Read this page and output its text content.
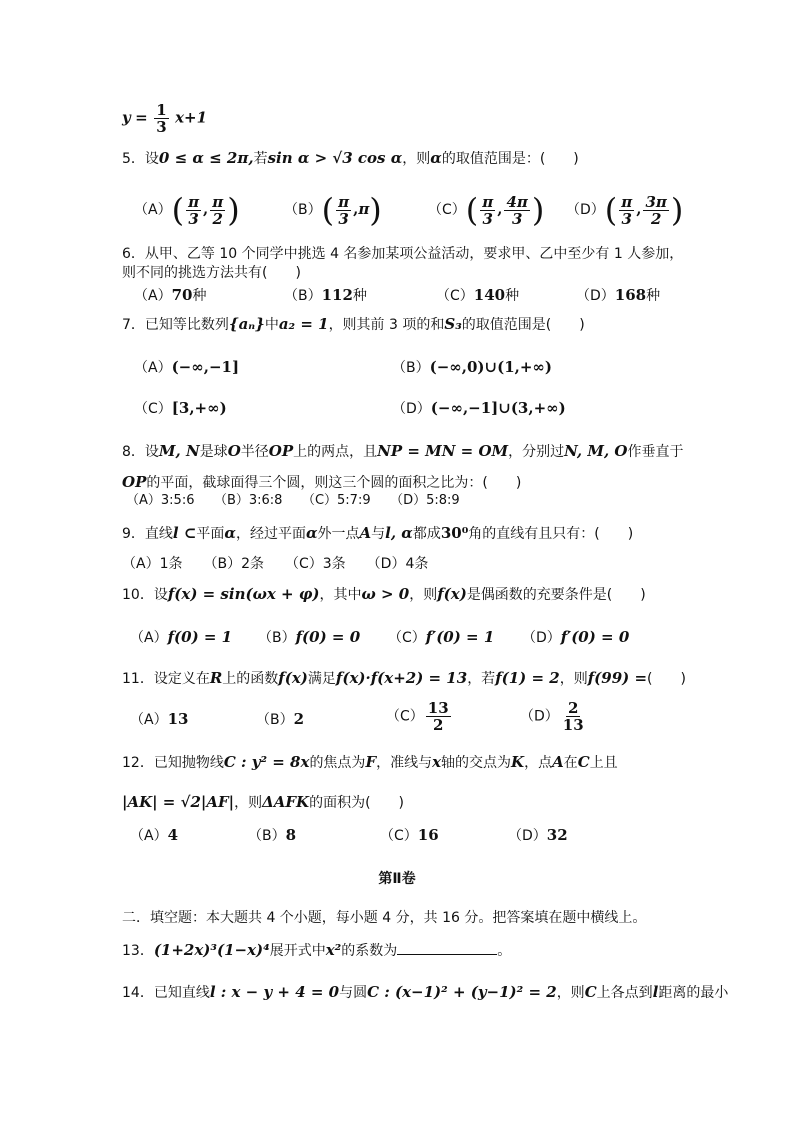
$y = \frac{1}{3} x+1$
5．设0 ≤ α ≤ 2π,若sin α > √3 cos α，则α的取值范围是：(　　)
$(A)( \frac{\pi}{3}$ , $\frac{\pi}{2}$ )	$(B)( \frac{\pi}{3} ,\pi)$	$(C)( \frac{\pi}{3}$ , $\frac{4\pi}{3}$ ) $(D)( \frac{\pi}{3}$ , $\frac{3\pi}{2}$ )
6．从甲、乙等 10 个同学中挑选 4 名参加某项公益活动，要求甲、乙中至少有 1 人参加，
则不同的挑选方法共有(　　)
（A）70种	（B）112种	（C）140种	（D）168种
7．已知等比数列{aₙ}中a₂ = 1，则其前 3 项的和S₃的取值范围是(　　)
（A）(−∞,−1]	（B）(−∞,0)∪(1,+∞)
（C）[3,+∞)	（D）(−∞,−1]∪(3,+∞)
8．设M, N是球O半径OP上的两点，且NP = MN = OM，分别过N, M, O作垂直于
OP的平面，截球面得三个圆，则这三个圆的面积之比为：(　　)
（A）3:5:6　　（B）3:6:8　　（C）5:7:9　　（D）5:8:9
9．直线l ⊂平面α，经过平面α外一点A与l, α都成30⁰角的直线有且只有：(　　)
（A）1条　　（B）2条　　（C）3条　　（D）4条
10．设f(x) = sin(ωx + φ)，其中ω > 0，则f(x)是偶函数的充要条件是(　　)
（A）f(0) = 1 （B）f(0) = 0 （C）f′(0) = 1 （D）f′(0) = 0
11．设定义在R上的函数f(x)满足f(x)·f(x+2) = 13，若f(1) = 2，则f(99) =(　　)
（A）13	（B）2	$(C) \frac{13}{2}$	$(D) \frac{2}{13}$
12．已知抛物线C : y² = 8x的焦点为F，准线与x轴的交点为K，点A在C上且
|AK| = √2|AF|，则ΔAFK的面积为(　　)
（A）4	（B）8	（C）16	（D）32
第Ⅱ卷
二．填空题：本大题共 4 个小题，每小题 4 分，共 16 分。把答案填在题中横线上。
13．(1+2x)³(1−x)⁴展开式中x²的系数为	。
14．已知直线l : x − y + 4 = 0与圆C : (x−1)² + (y−1)² = 2，则C上各点到l距离的最小
